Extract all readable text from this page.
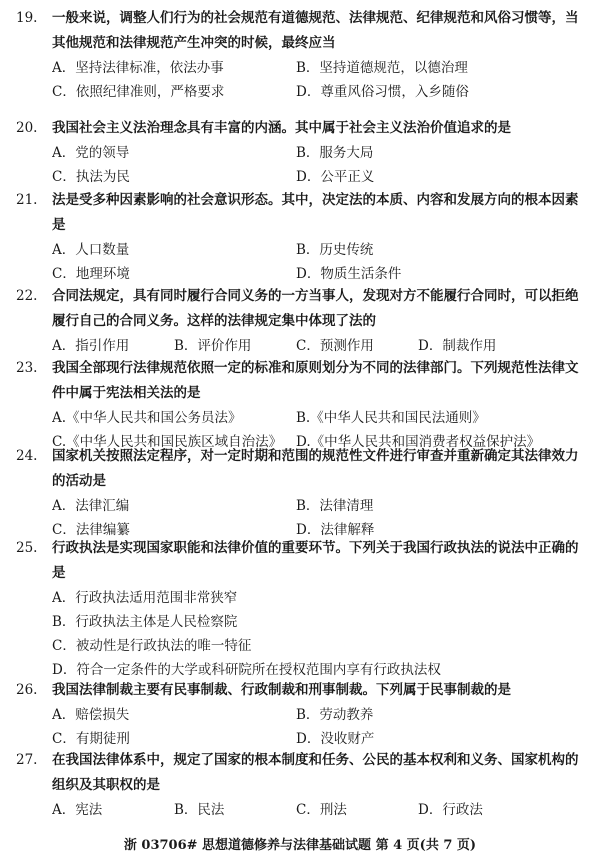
19.	一般来说，调整人们行为的社会规范有道德规范、法律规范、纪律规范和风俗习惯等，当其他规范和法律规范产生冲突的时候，最终应当
A．坚持法律标准，依法办事	B．坚持道德规范，以德治理
C．依照纪律准则，严格要求	D．尊重风俗习惯，入乡随俗
20.	我国社会主义法治理念具有丰富的内涵。其中属于社会主义法治价值追求的是
A．党的领导	B．服务大局
C．执法为民	D．公平正义
21.	法是受多种因素影响的社会意识形态。其中，决定法的本质、内容和发展方向的根本因素是
A．人口数量	B．历史传统
C．地理环境	D．物质生活条件
22.	合同法规定，具有同时履行合同义务的一方当事人，发现对方不能履行合同时，可以拒绝履行自己的合同义务。这样的法律规定集中体现了法的
A．指引作用	B．评价作用	C．预测作用	D．制裁作用
23.	我国全部现行法律规范依照一定的标准和原则划分为不同的法律部门。下列规范性法律文件中属于宪法相关法的是
A.《中华人民共和国公务员法》	B.《中华人民共和国民法通则》
C.《中华人民共和国民族区域自治法》	D.《中华人民共和国消费者权益保护法》
24.	国家机关按照法定程序，对一定时期和范围的规范性文件进行审查并重新确定其法律效力的活动是
A．法律汇编	B．法律清理
C．法律编纂	D．法律解释
25.	行政执法是实现国家职能和法律价值的重要环节。下列关于我国行政执法的说法中正确的是
A．行政执法适用范围非常狭窄
B．行政执法主体是人民检察院
C．被动性是行政执法的唯一特征
D．符合一定条件的大学或科研院所在授权范围内享有行政执法权
26.	我国法律制裁主要有民事制裁、行政制裁和刑事制裁。下列属于民事制裁的是
A．赔偿损失	B．劳动教养
C．有期徒刑	D．没收财产
27.	在我国法律体系中，规定了国家的根本制度和任务、公民的基本权利和义务、国家机构的组织及其职权的是
A．宪法	B．民法	C．刑法	D．行政法
浙 03706# 思想道德修养与法律基础试题 第 4 页(共 7 页)
